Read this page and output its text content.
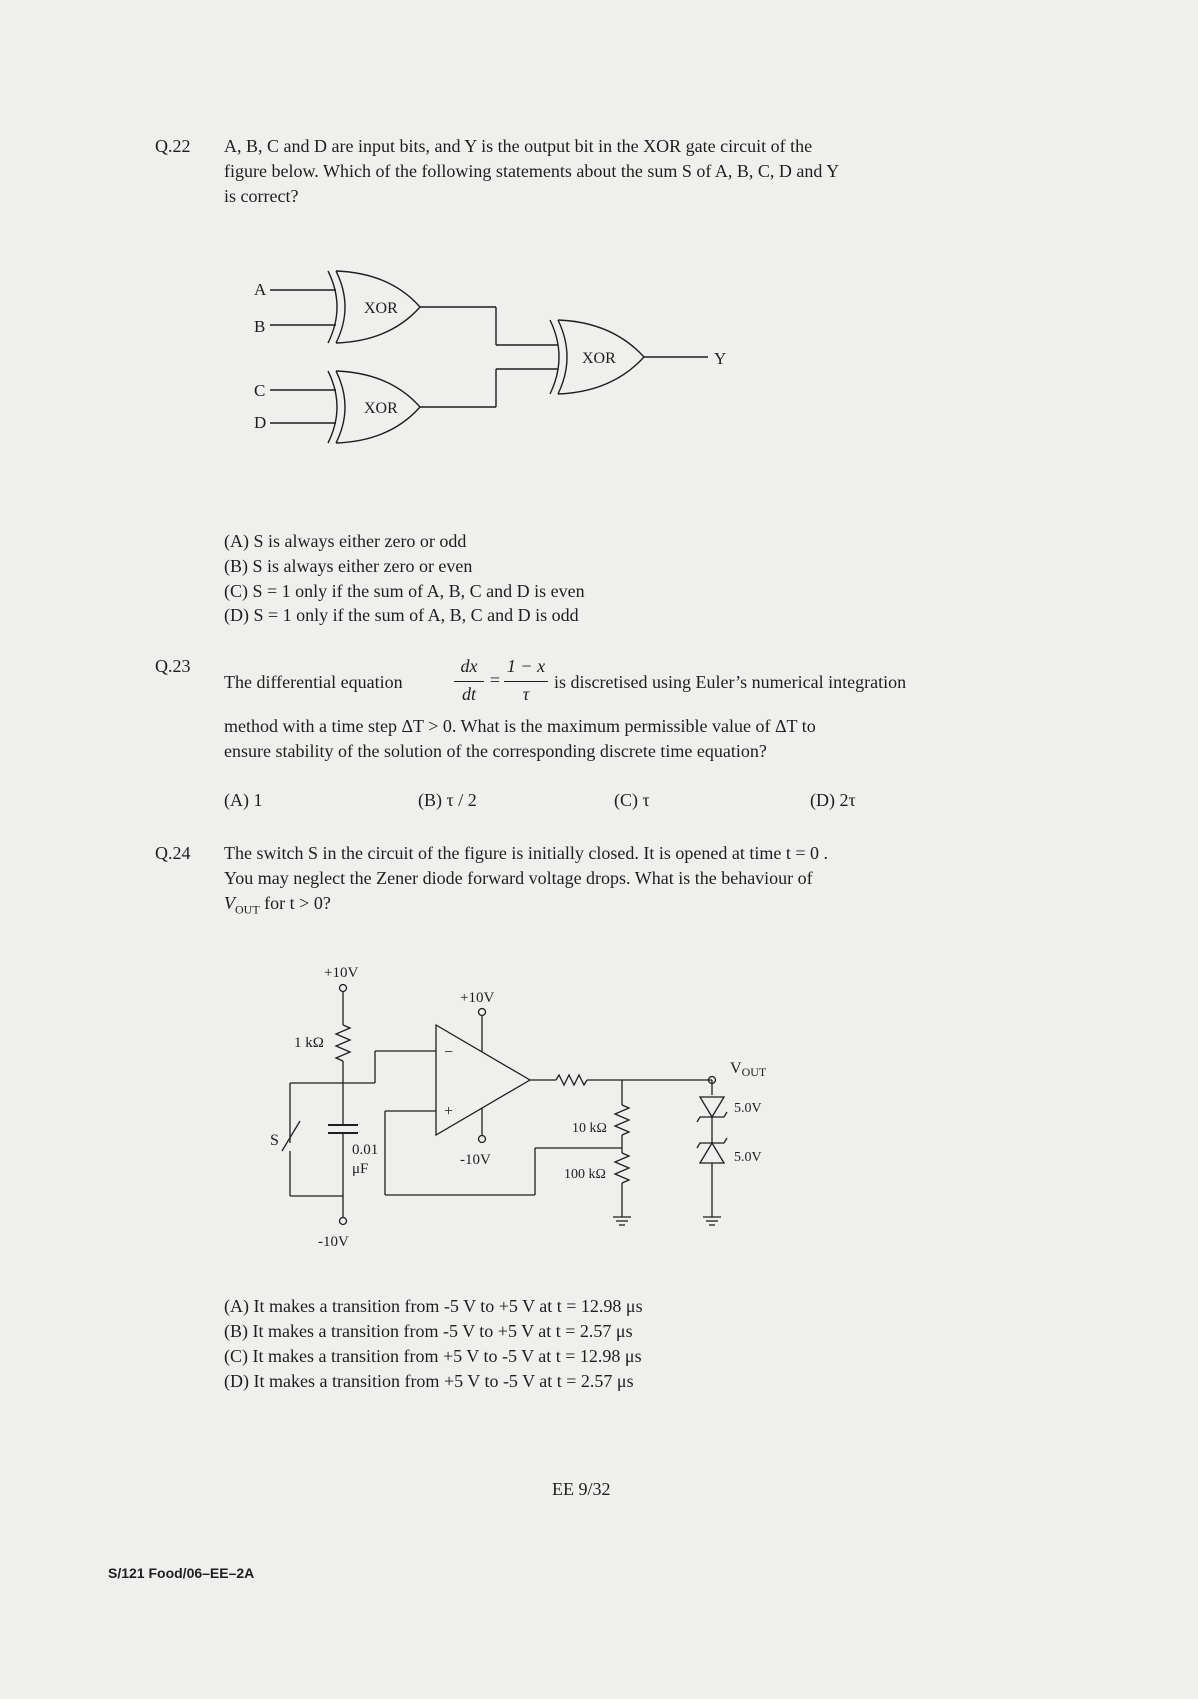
Q.22 A, B, C and D are input bits, and Y is the output bit in the XOR gate circuit of the
figure below. Which of the following statements about the sum S of A, B, C, D and Y
is correct?
A
B
C
D
XOR
XOR
XOR	Y
(A) S is always either zero or odd
(B) S is always either zero or even
(C) S = 1 only if the sum of A, B, C and D is even
(D) S = 1 only if the sum of A, B, C and D is odd
Q.23
The differential equation
dx
dt
=
1 − x
τ
is discretised using Euler’s numerical integration
method with a time step ΔT > 0. What is the maximum permissible value of ΔT to
ensure stability of the solution of the corresponding discrete time equation?
(A) 1	(B) τ / 2	(C) τ	(D) 2τ
Q.24 The switch S in the circuit of the figure is initially closed. It is opened at time t = 0 .
You may neglect the Zener diode forward voltage drops. What is the behaviour of
$V_{OUT}$ for t > 0?
+10V
1 kΩ
0.01
μF
S
-10V
−
+
+10V
-10V
10 kΩ
100 kΩ
VOUT
5.0V
5.0V
(A) It makes a transition from -5 V to +5 V at t = 12.98 μs
(B) It makes a transition from -5 V to +5 V at t = 2.57 μs
(C) It makes a transition from +5 V to -5 V at t = 12.98 μs
(D) It makes a transition from +5 V to -5 V at t = 2.57 μs
EE 9/32
S/121 Food/06–EE–2A
